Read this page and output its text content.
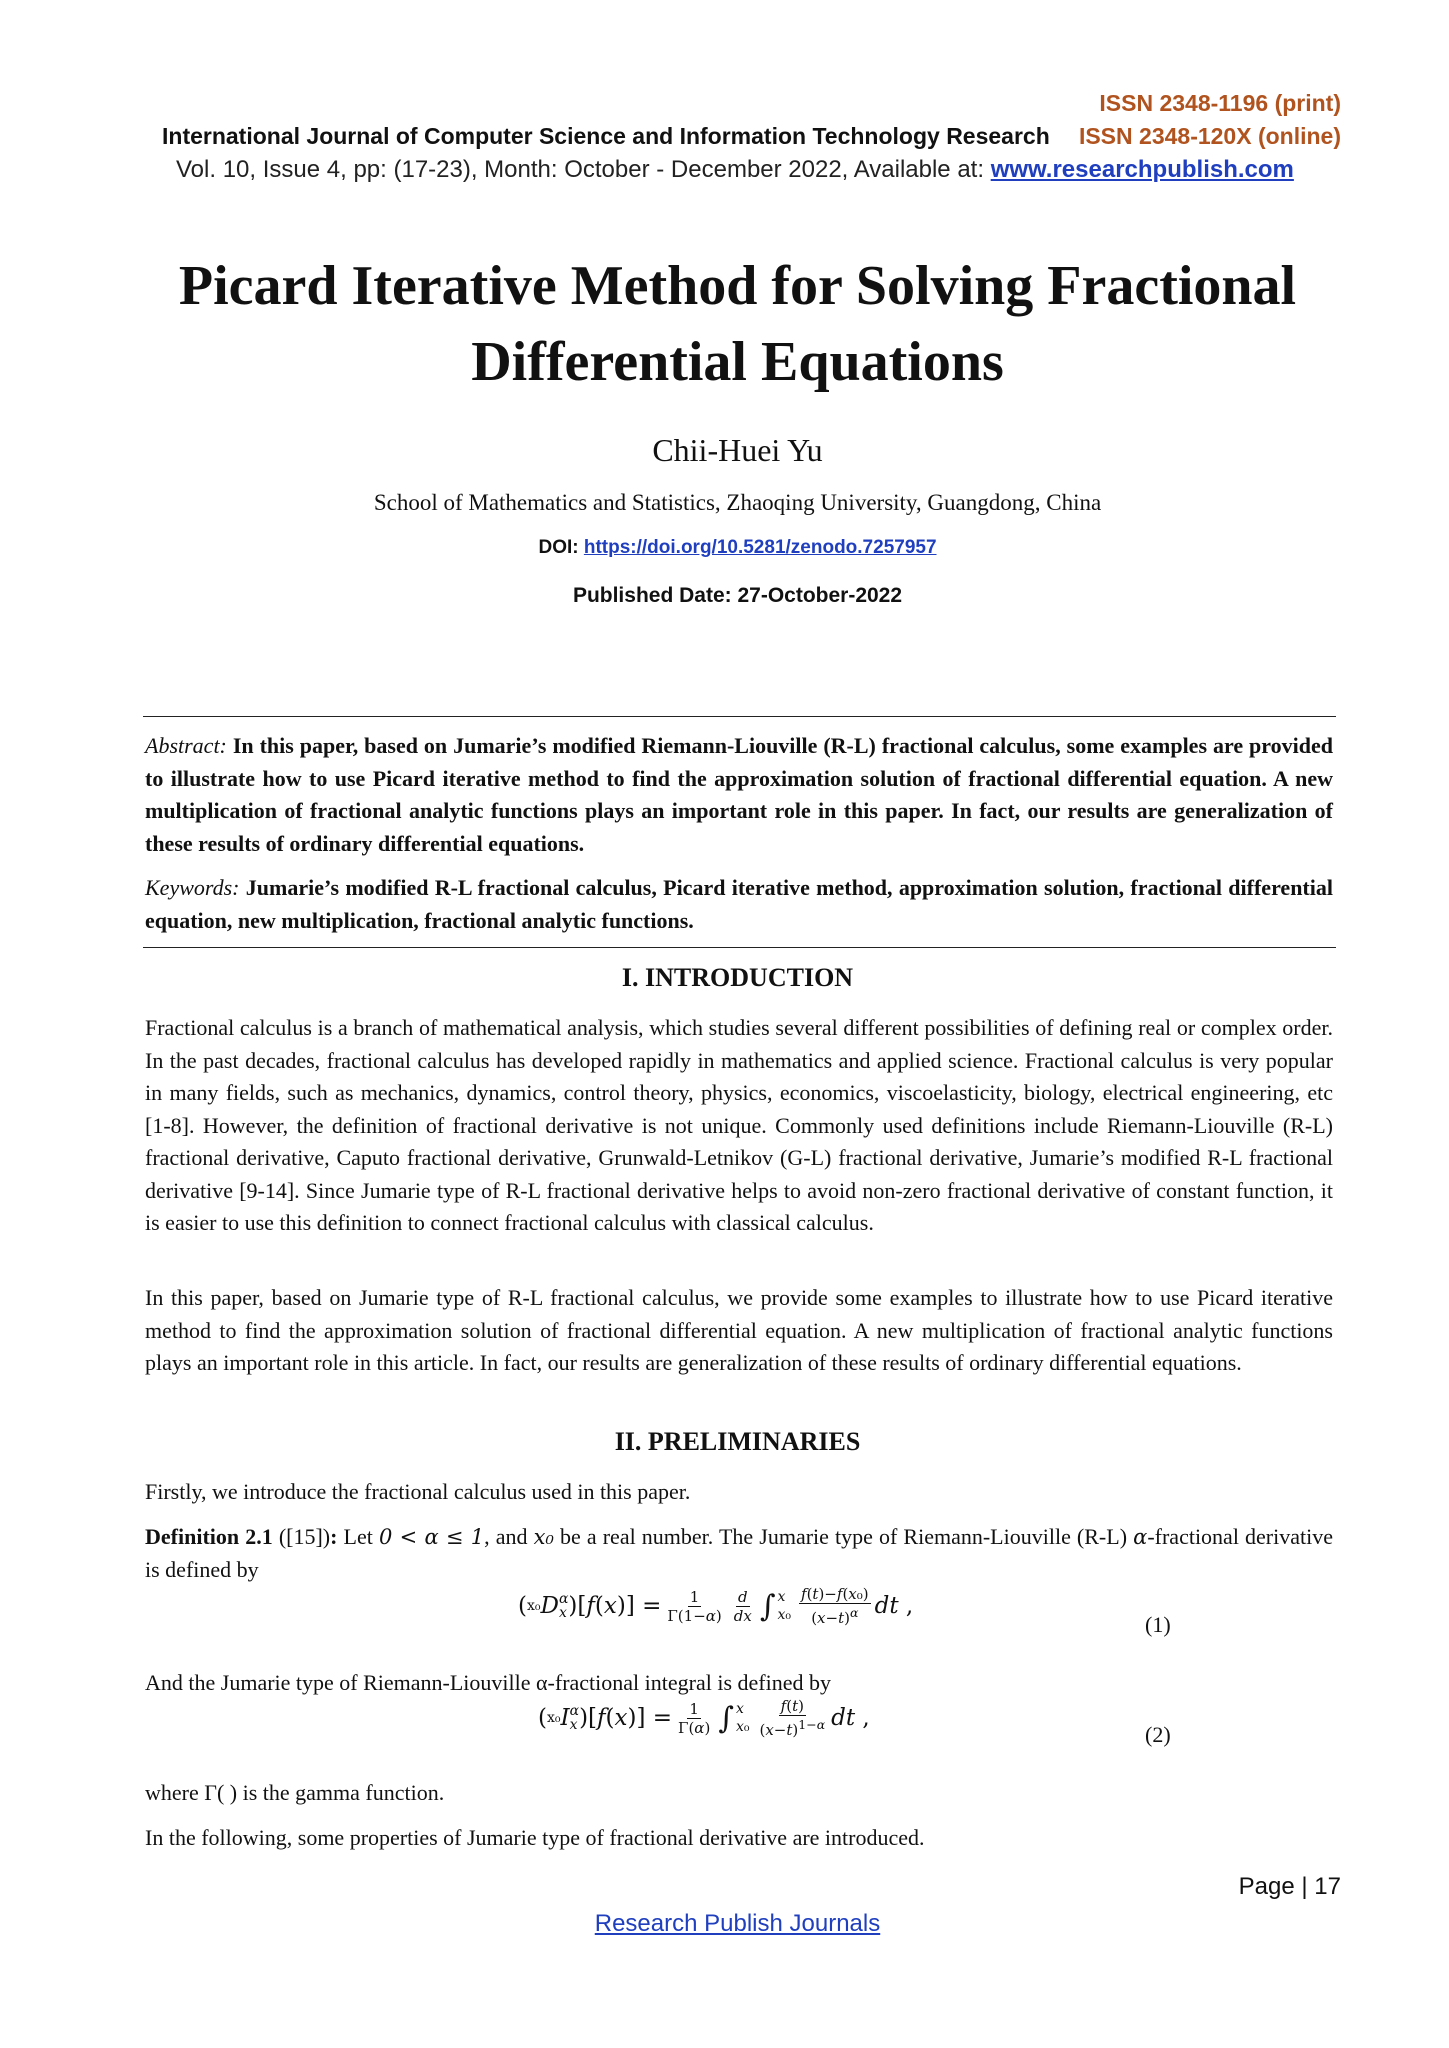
ISSN 2348-1196 (print)
International Journal of Computer Science and Information Technology Research ISSN 2348-120X (online)
Vol. 10, Issue 4, pp: (17-23), Month: October - December 2022, Available at: www.researchpublish.com
Picard Iterative Method for Solving Fractional
Differential Equations
Chii-Huei Yu
School of Mathematics and Statistics, Zhaoqing University, Guangdong, China
DOI: https://doi.org/10.5281/zenodo.7257957
Published Date: 27-October-2022
Abstract: In this paper, based on Jumarie’s modified Riemann-Liouville (R-L) fractional calculus, some examples are provided to illustrate how to use Picard iterative method to find the approximation solution of fractional differential equation. A new multiplication of fractional analytic functions plays an important role in this paper. In fact, our results are generalization of these results of ordinary differential equations.
Keywords: Jumarie’s modified R-L fractional calculus, Picard iterative method, approximation solution, fractional differential equation, new multiplication, fractional analytic functions.
I. INTRODUCTION
Fractional calculus is a branch of mathematical analysis, which studies several different possibilities of defining real or complex order. In the past decades, fractional calculus has developed rapidly in mathematics and applied science. Fractional calculus is very popular in many fields, such as mechanics, dynamics, control theory, physics, economics, viscoelasticity, biology, electrical engineering, etc [1-8]. However, the definition of fractional derivative is not unique. Commonly used definitions include Riemann-Liouville (R-L) fractional derivative, Caputo fractional derivative, Grunwald-Letnikov (G-L) fractional derivative, Jumarie’s modified R-L fractional derivative [9-14]. Since Jumarie type of R-L fractional derivative helps to avoid non-zero fractional derivative of constant function, it is easier to use this definition to connect fractional calculus with classical calculus.
In this paper, based on Jumarie type of R-L fractional calculus, we provide some examples to illustrate how to use Picard iterative method to find the approximation solution of fractional differential equation. A new multiplication of fractional analytic functions plays an important role in this article. In fact, our results are generalization of these results of ordinary differential equations.
II. PRELIMINARIES
Firstly, we introduce the fractional calculus used in this paper.
Definition 2.1 ([15]): Let 0 < α ≤ 1, and x₀ be a real number. The Jumarie type of Riemann-Liouville (R-L) α-fractional derivative is defined by
( x₀ D α
x )$[f(x)] = \frac{1}{\Gamma(1-\alpha)} \frac{d}{dx}$ ∫ x
$x_0 \frac{\text{f(t)−f(x₀)}}{(x-t)^\alpha}$ dt ,
(1)
And the Jumarie type of Riemann-Liouville α-fractional integral is defined by
( x₀ I α
x )$[f(x)] = \frac{1}{\Gamma(\alpha)}$ ∫ x
$x_0 \frac{f(t)}{(x-t)^{1-\alpha}}$ dt ,
(2)
where Γ( ) is the gamma function.
In the following, some properties of Jumarie type of fractional derivative are introduced.
Page | 17
Research Publish Journals
